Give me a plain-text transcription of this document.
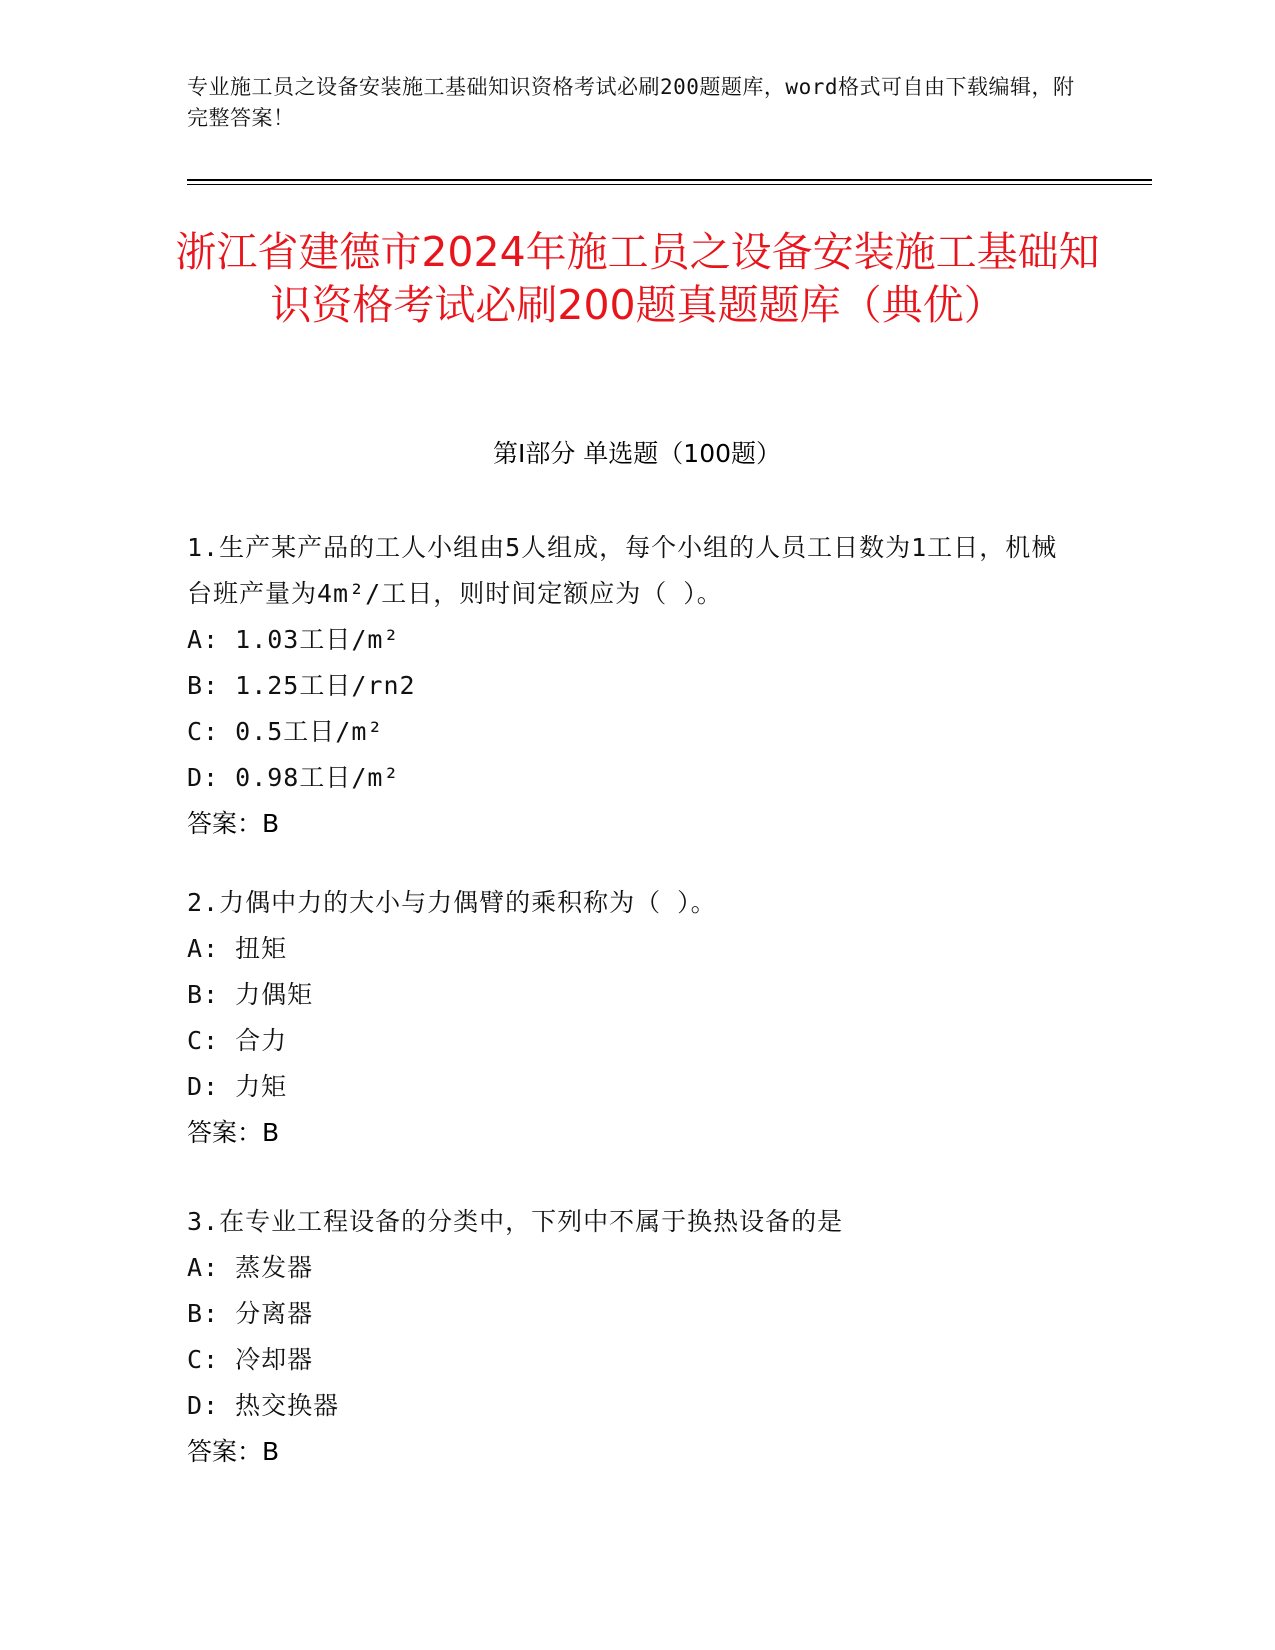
专业施工员之设备安装施工基础知识资格考试必刷200题题库，word格式可自由下载编辑，附完整答案！
浙江省建德市2024年施工员之设备安装施工基础知识资格考试必刷200题真题题库（典优）
第Ⅰ部分 单选题（100题）
1.生产某产品的工人小组由5人组成，每个小组的人员工日数为1工日，机械台班产量为4m²/工日，则时间定额应为（ ）。
A: 1.03工日/m²
B: 1.25工日/rn2
C: 0.5工日/m²
D: 0.98工日/m²
答案：B
2.力偶中力的大小与力偶臂的乘积称为（ ）。
A: 扭矩
B: 力偶矩
C: 合力
D: 力矩
答案：B
3.在专业工程设备的分类中，下列中不属于换热设备的是
A: 蒸发器
B: 分离器
C: 冷却器
D: 热交换器
答案：B
